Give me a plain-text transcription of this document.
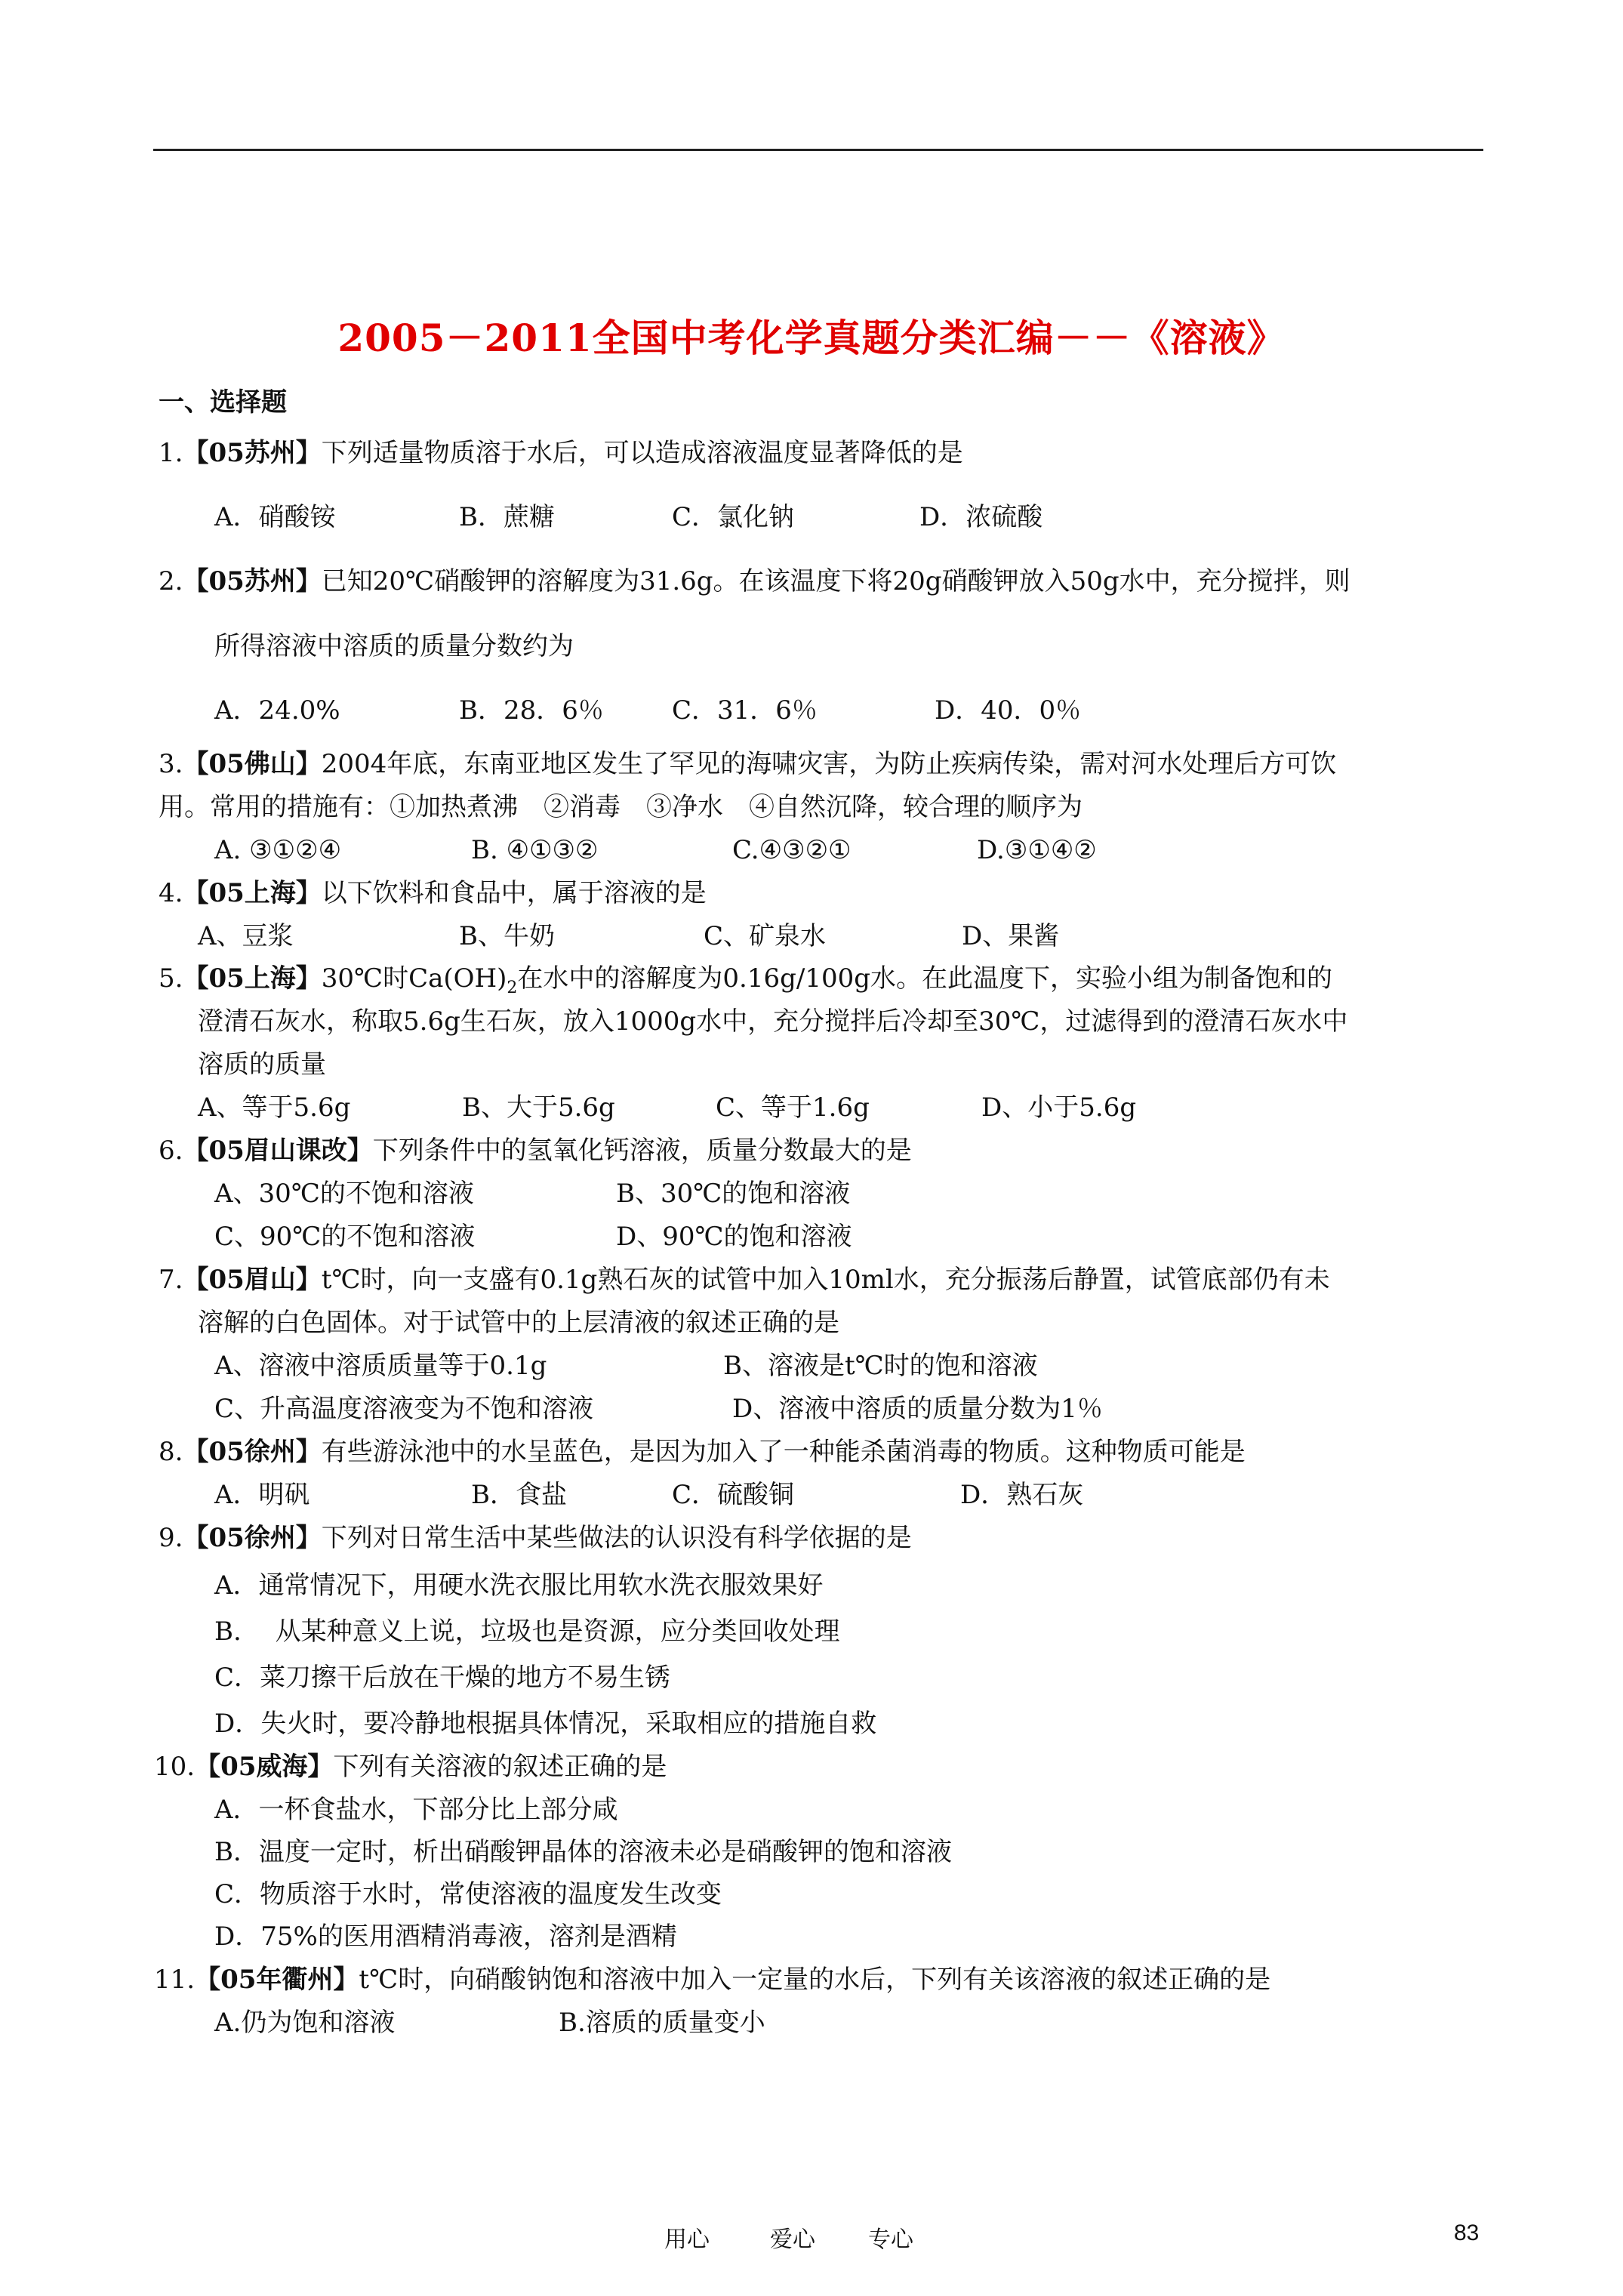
2005－2011全国中考化学真题分类汇编－－《溶液》
一、选择题
1.【05苏州】下列适量物质溶于水后，可以造成溶液温度显著降低的是
A．硝酸铵	B．蔗糖	C．氯化钠	D．浓硫酸
2.【05苏州】已知20℃硝酸钾的溶解度为31.6g。在该温度下将20g硝酸钾放入50g水中，充分搅拌，则
所得溶液中溶质的质量分数约为
A．24.0%	B．28．6％	C．31．6％	D．40．0％
3.【05佛山】2004年底，东南亚地区发生了罕见的海啸灾害，为防止疾病传染，需对河水处理后方可饮
用。常用的措施有：①加热煮沸　②消毒　③净水　④自然沉降，较合理的顺序为
A. ③①②④	B. ④①③②	C.④③②①	D.③①④②
4.【05上海】以下饮料和食品中，属于溶液的是
A、豆浆	B、牛奶	C、矿泉水	D、果酱
5.【05上海】30℃时$Ca(OH)_2$在水中的溶解度为0.16g/100g水。在此温度下，实验小组为制备饱和的
澄清石灰水，称取5.6g生石灰，放入1000g水中，充分搅拌后冷却至30℃，过滤得到的澄清石灰水中
溶质的质量
A、等于5.6g	B、大于5.6g	C、等于1.6g	D、小于5.6g
6.【05眉山课改】下列条件中的氢氧化钙溶液，质量分数最大的是
A、30℃的不饱和溶液	B、30℃的饱和溶液
C、90℃的不饱和溶液	D、90℃的饱和溶液
7.【05眉山】t℃时，向一支盛有0.1g熟石灰的试管中加入10ml水，充分振荡后静置，试管底部仍有未
溶解的白色固体。对于试管中的上层清液的叙述正确的是
A、溶液中溶质质量等于0.1g	B、溶液是t℃时的饱和溶液
C、升高温度溶液变为不饱和溶液	D、溶液中溶质的质量分数为1％
8.【05徐州】有些游泳池中的水呈蓝色，是因为加入了一种能杀菌消毒的物质。这种物质可能是
A．明矾	B．食盐	C．硫酸铜	D．熟石灰
9.【05徐州】下列对日常生活中某些做法的认识没有科学依据的是
A．通常情况下，用硬水洗衣服比用软水洗衣服效果好
B.　 从某种意义上说，垃圾也是资源，应分类回收处理
C．菜刀擦干后放在干燥的地方不易生锈
D．失火时，要冷静地根据具体情况，采取相应的措施自救
10.【05威海】下列有关溶液的叙述正确的是
A．一杯食盐水，下部分比上部分咸
B．温度一定时，析出硝酸钾晶体的溶液未必是硝酸钾的饱和溶液
C．物质溶于水时，常使溶液的温度发生改变
D．75%的医用酒精消毒液，溶剂是酒精
11.【05年衢州】t℃时，向硝酸钠饱和溶液中加入一定量的水后，下列有关该溶液的叙述正确的是
A.仍为饱和溶液	B.溶质的质量变小
用心	爱心 专心	83
